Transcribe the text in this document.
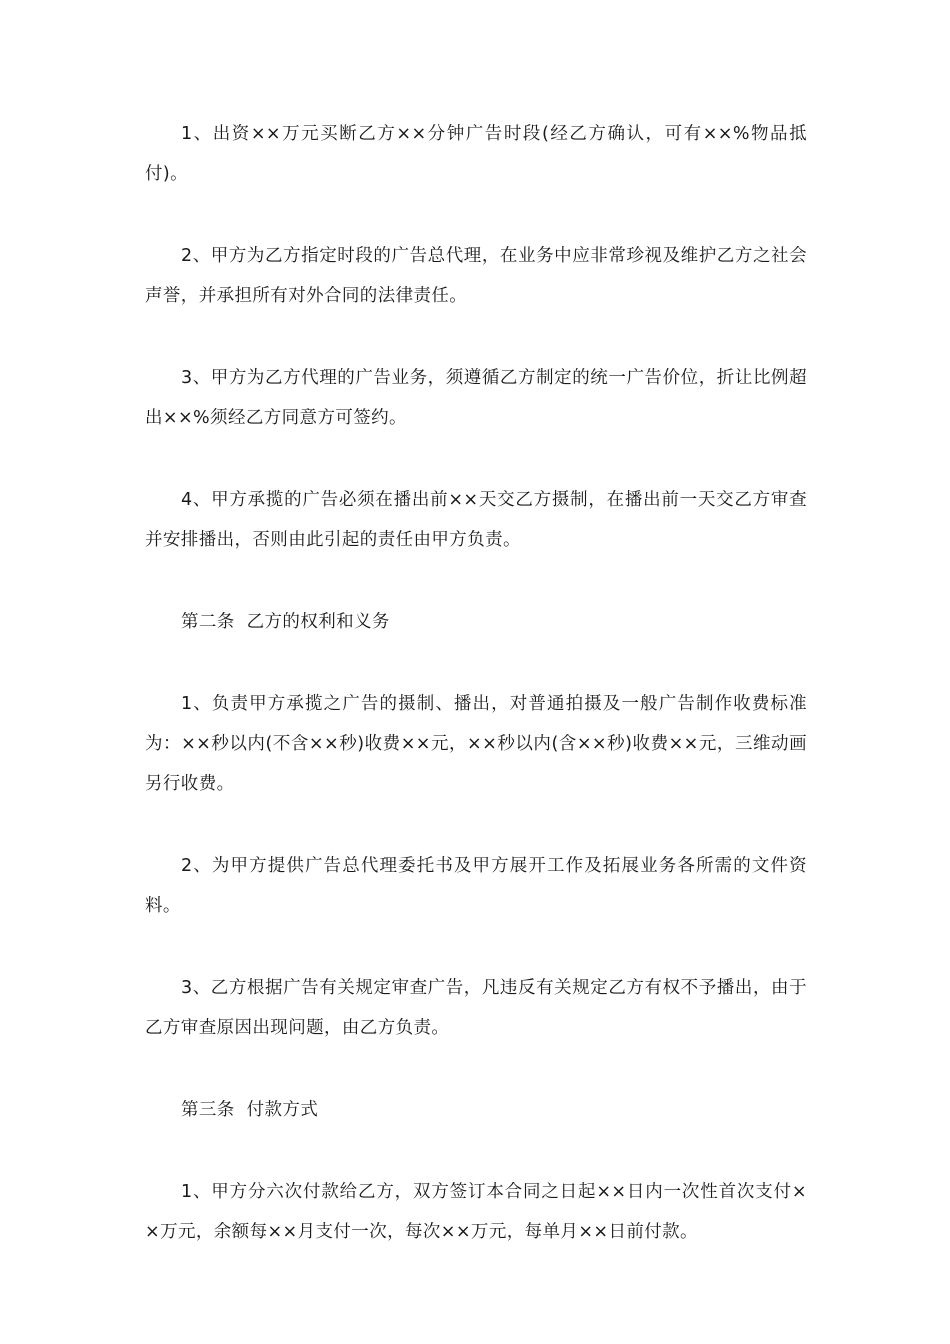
1、出资××万元买断乙方××分钟广告时段(经乙方确认，可有××%物品抵付)。

2、甲方为乙方指定时段的广告总代理，在业务中应非常珍视及维护乙方之社会声誉，并承担所有对外合同的法律责任。

3、甲方为乙方代理的广告业务，须遵循乙方制定的统一广告价位，折让比例超出××%须经乙方同意方可签约。

4、甲方承揽的广告必须在播出前××天交乙方摄制，在播出前一天交乙方审查并安排播出，否则由此引起的责任由甲方负责。

第二条  乙方的权利和义务

1、负责甲方承揽之广告的摄制、播出，对普通拍摄及一般广告制作收费标准为：××秒以内(不含××秒)收费××元，××秒以内(含××秒)收费××元，三维动画另行收费。

2、为甲方提供广告总代理委托书及甲方展开工作及拓展业务各所需的文件资料。

3、乙方根据广告有关规定审查广告，凡违反有关规定乙方有权不予播出，由于乙方审查原因出现问题，由乙方负责。

第三条  付款方式

1、甲方分六次付款给乙方，双方签订本合同之日起××日内一次性首次支付××万元，余额每××月支付一次，每次××万元，每单月××日前付款。
